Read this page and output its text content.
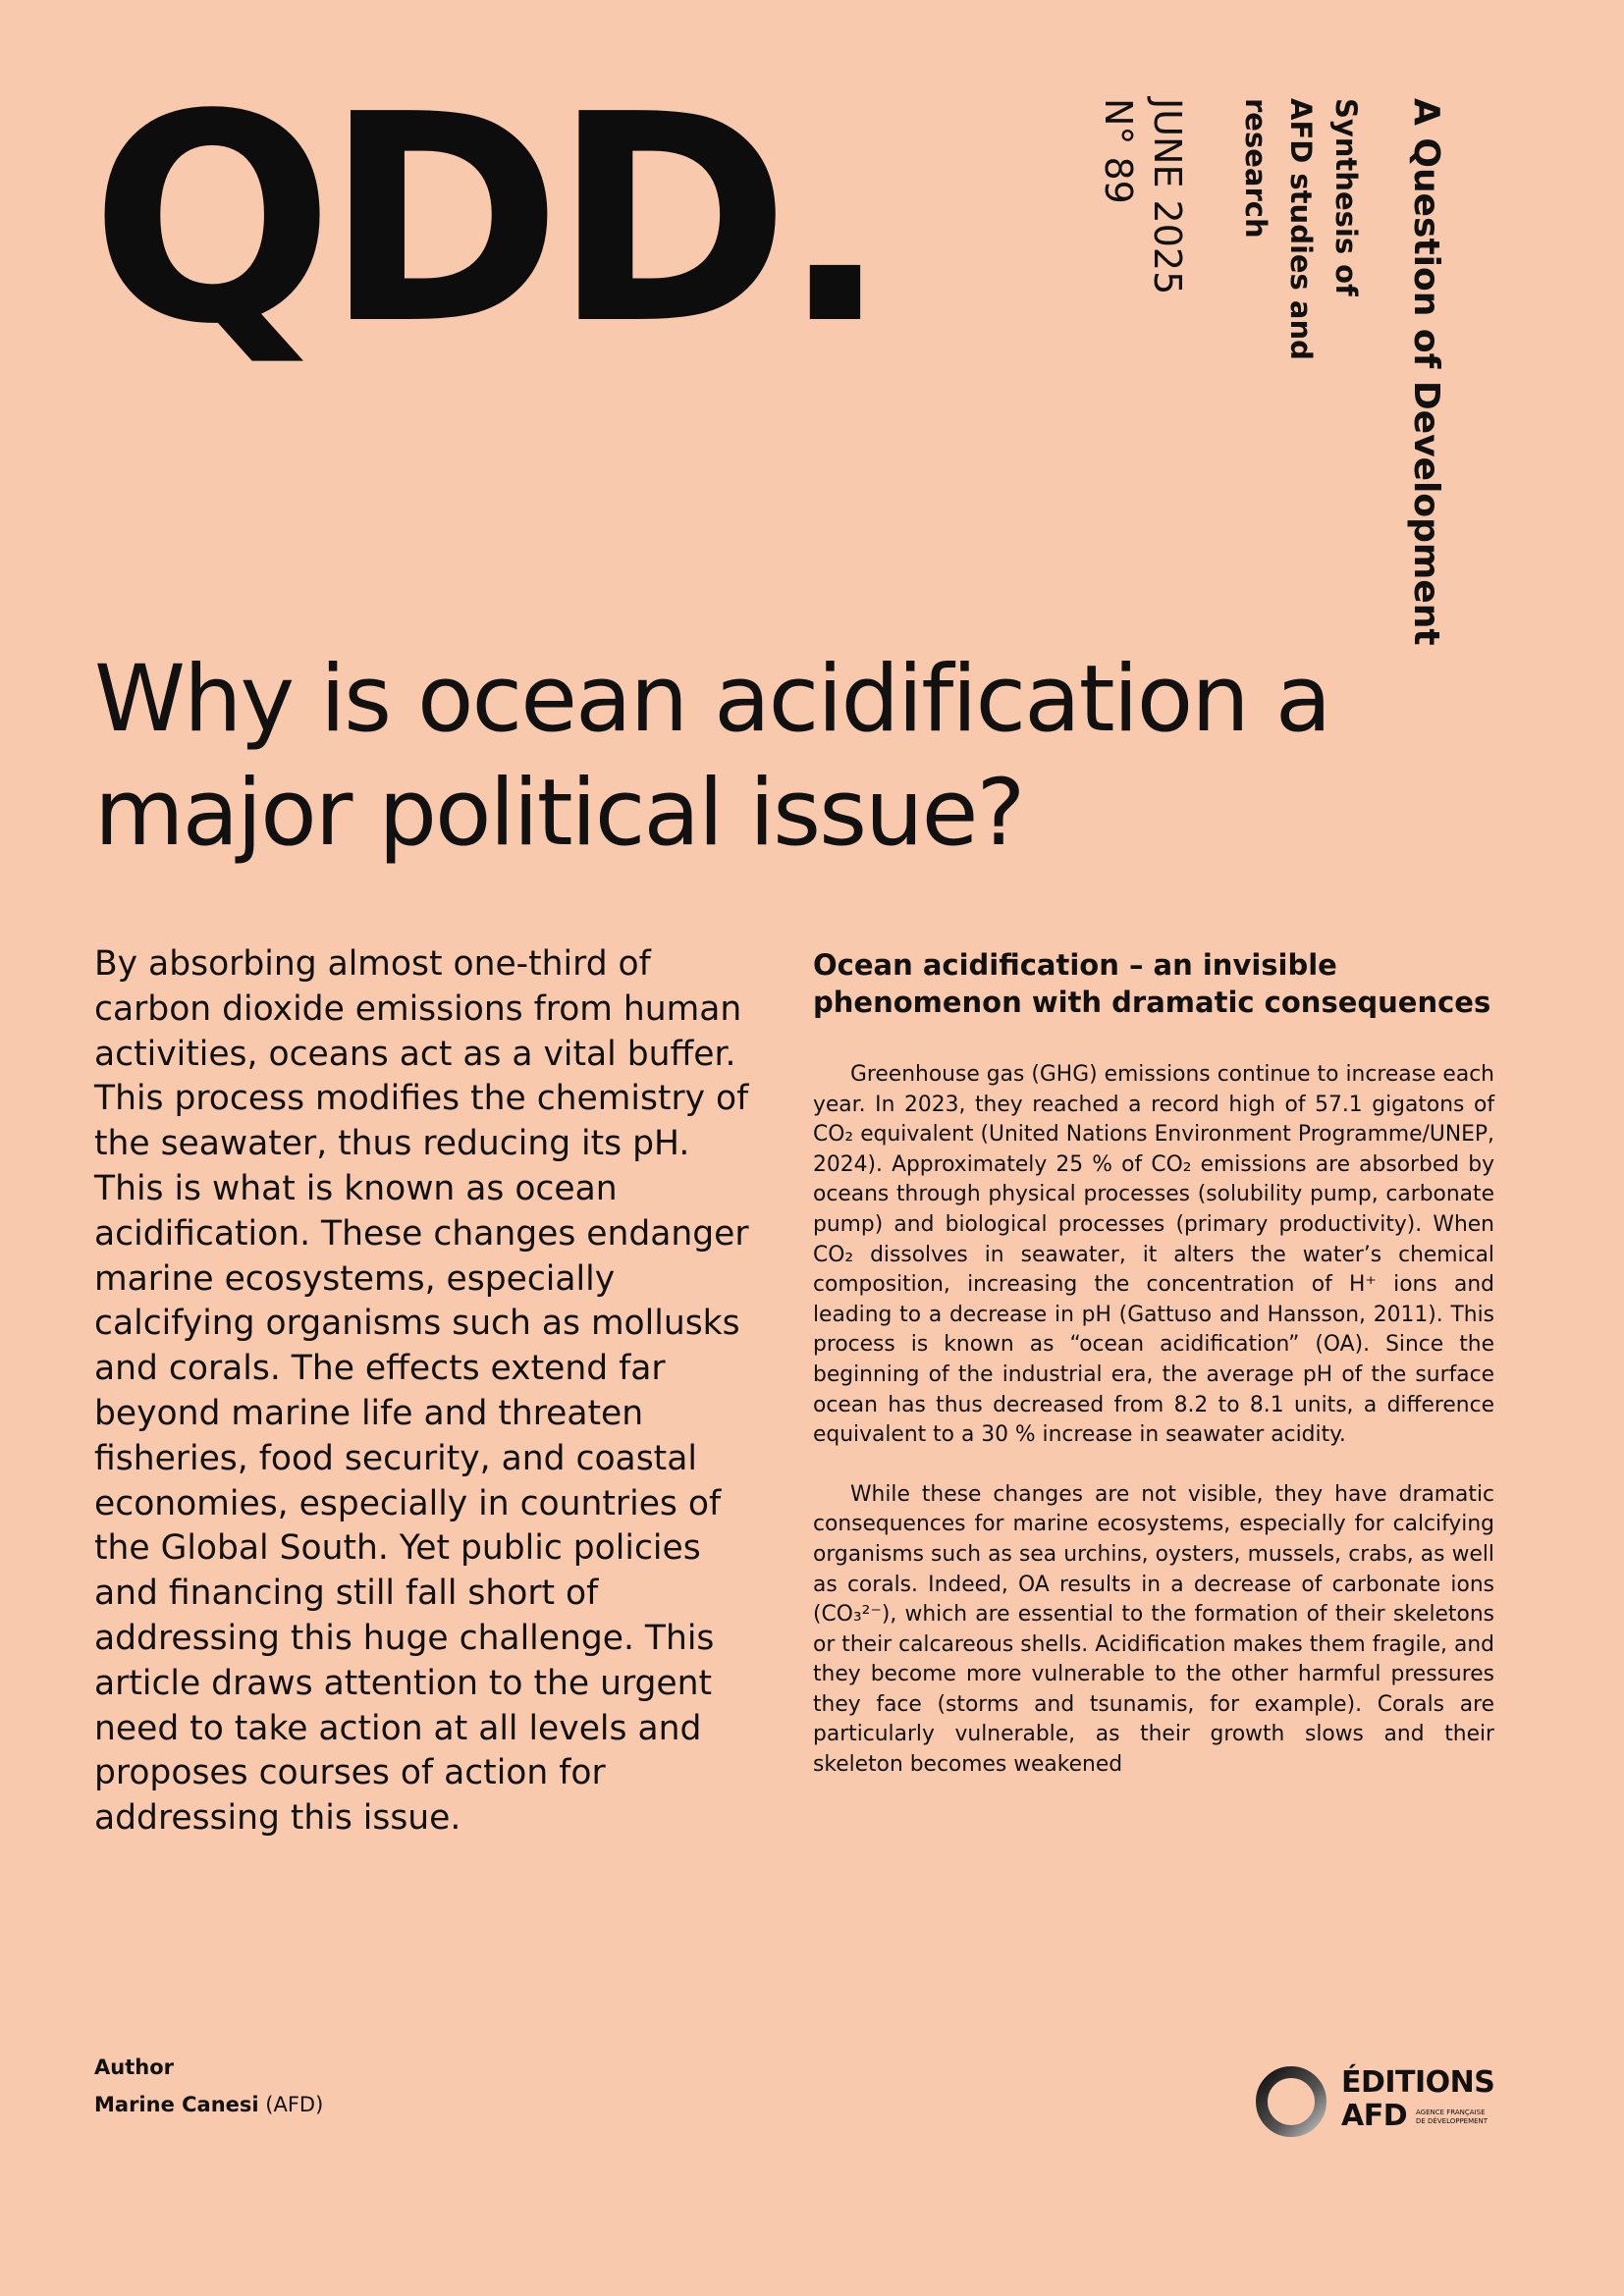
QDD.	A Question of Development
Synthesis of
AFD studies and
research
JUNE 2025
N° 89
Why is ocean acidification a major political issue?

By absorbing almost one-third of carbon dioxide emissions from human activities, oceans act as a vital buffer. This process modifies the chemistry of the seawater, thus reducing its pH. This is what is known as ocean acidification. These changes endanger marine ecosystems, especially calcifying organisms such as mollusks and corals. The effects extend far beyond marine life and threaten fisheries, food security, and coastal economies, especially in countries of the Global South. Yet public policies and financing still fall short of addressing this huge challenge. This article draws attention to the urgent need to take action at all levels and proposes courses of action for addressing this issue.

Ocean acidification – an invisible phenomenon with dramatic consequences

Greenhouse gas (GHG) emissions continue to increase each year. In 2023, they reached a record high of 57.1 gigatons of CO₂ equivalent (United Nations Environment Programme/UNEP, 2024). Approximately 25 % of CO₂ emissions are absorbed by oceans through physical processes (solubility pump, carbonate pump) and biological processes (primary productivity). When CO₂ dissolves in seawater, it alters the water’s chemical composition, increasing the concentration of H⁺ ions and leading to a decrease in pH (Gattuso and Hansson, 2011). This process is known as “ocean acidification” (OA). Since the beginning of the industrial era, the average pH of the surface ocean has thus decreased from 8.2 to 8.1 units, a difference equivalent to a 30 % increase in seawater acidity.

While these changes are not visible, they have dramatic consequences for marine ecosystems, especially for calcifying organisms such as sea urchins, oysters, mussels, crabs, as well as corals. Indeed, OA results in a decrease of carbonate ions (CO₃²⁻), which are essential to the formation of their skeletons or their calcareous shells. Acidification makes them fragile, and they become more vulnerable to the other harmful pressures they face (storms and tsunamis, for example). Corals are particularly vulnerable, as their growth slows and their skeleton becomes weakened

Author
Marine Canesi (AFD)
ÉDITIONS
AFD AGENCE FRANÇAISE DE DÉVELOPPEMENT
